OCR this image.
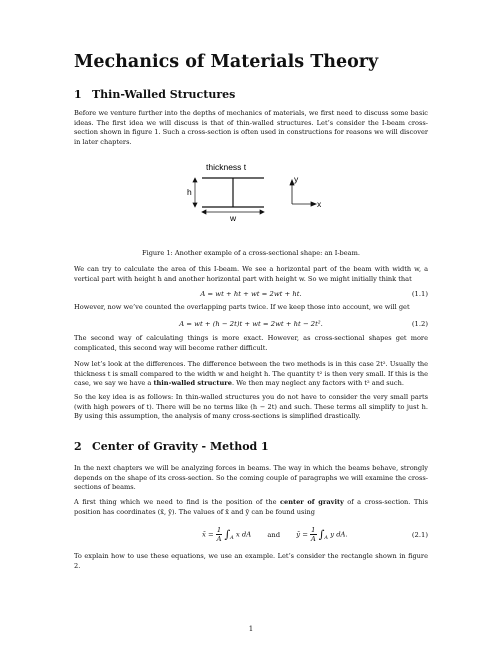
Mechanics of Materials Theory
1 Thin-Walled Structures
Before we venture further into the depths of mechanics of materials, we first need to discuss some basic ideas. The first idea we will discuss is that of thin-walled structures. Let’s consider the I-beam cross-section shown in figure 1. Such a cross-section is often used in constructions for reasons we will discover in later chapters.
thickness t
h
w
y
x
Figure 1: Another example of a cross-sectional shape: an I-beam.
We can try to calculate the area of this I-beam. We see a horizontal part of the beam with width w, a vertical part with height h and another horizontal part with height w. So we might initially think that
A = wt + ht + wt = 2wt + ht.	(1.1)
However, now we’ve counted the overlapping parts twice. If we keep those into account, we will get
A = wt + (h − 2t)t + wt = 2wt + ht − 2t².	(1.2)
The second way of calculating things is more exact. However, as cross-sectional shapes get more complicated, this second way will become rather difficult.
Now let’s look at the differences. The difference between the two methods is in this case 2t². Usually the thickness t is small compared to the width w and height h. The quantity t² is then very small. If this is the case, we say we have a thin-walled structure. We then may neglect any factors with t² and such.
So the key idea is as follows: In thin-walled structures you do not have to consider the very small parts (with high powers of t). There will be no terms like (h − 2t) and such. These terms all simplify to just h. By using this assumption, the analysis of many cross-sections is simplified drastically.
2 Center of Gravity - Method 1
In the next chapters we will be analyzing forces in beams. The way in which the beams behave, strongly depends on the shape of its cross-section. So the coming couple of paragraphs we will examine the cross-sections of beams.
A first thing which we need to find is the position of the center of gravity of a cross-section. This position has coordinates (x̄, ȳ). The values of x̄ and ȳ can be found using
x̄ = $\frac{1}{A} \int_A$ x dA and ȳ = $\frac{1}{A} \int_A$ y dA.	(2.1)
To explain how to use these equations, we use an example. Let’s consider the rectangle shown in figure 2.
1
